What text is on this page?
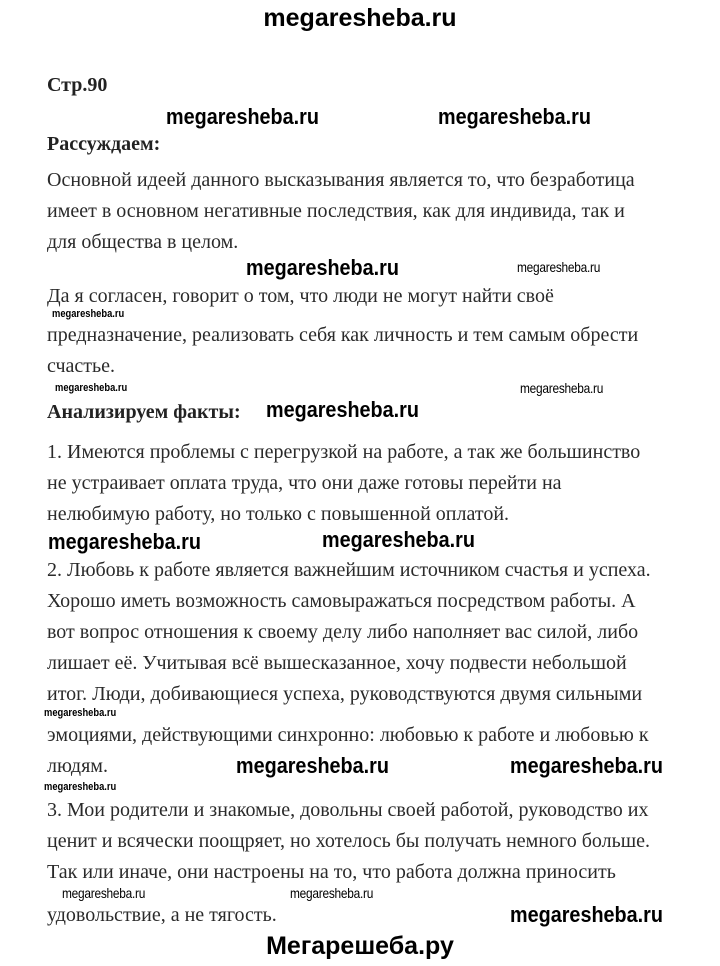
megaresheba.ru
Стр.90
Рассуждаем:
Основной идеей данного высказывания является то, что безработица
имеет в основном негативные последствия, как для индивида, так и
для общества в целом.
Да я согласен, говорит о том, что люди не могут найти своё
предназначение, реализовать себя как личность и тем самым обрести
счастье.
Анализируем факты:
1. Имеются проблемы с перегрузкой на работе, а так же большинство
не устраивает оплата труда, что они даже готовы перейти на
нелюбимую работу, но только с повышенной оплатой.
2. Любовь к работе является важнейшим источником счастья и успеха.
Хорошо иметь возможность самовыражаться посредством работы. А
вот вопрос отношения к своему делу либо наполняет вас силой, либо
лишает её. Учитывая всё вышесказанное, хочу подвести небольшой
итог. Люди, добивающиеся успеха, руководствуются двумя сильными
эмоциями, действующими синхронно: любовью к работе и любовью к
людям.
3. Мои родители и знакомые, довольны своей работой, руководство их
ценит и всячески поощряет, но хотелось бы получать немного больше.
Так или иначе, они настроены на то, что работа должна приносить
удовольствие, а не тягость.
megaresheba.ru	megaresheba.ru
megaresheba.ru	megaresheba.ru
megaresheba.ru
megaresheba.ru
megaresheba.ru
megaresheba.ru
megaresheba.ru	megaresheba.ru
megaresheba.ru
megaresheba.ru	megaresheba.ru
megaresheba.ru
megaresheba.ru	megaresheba.ru
megaresheba.ru
Мегарешеба.ру
